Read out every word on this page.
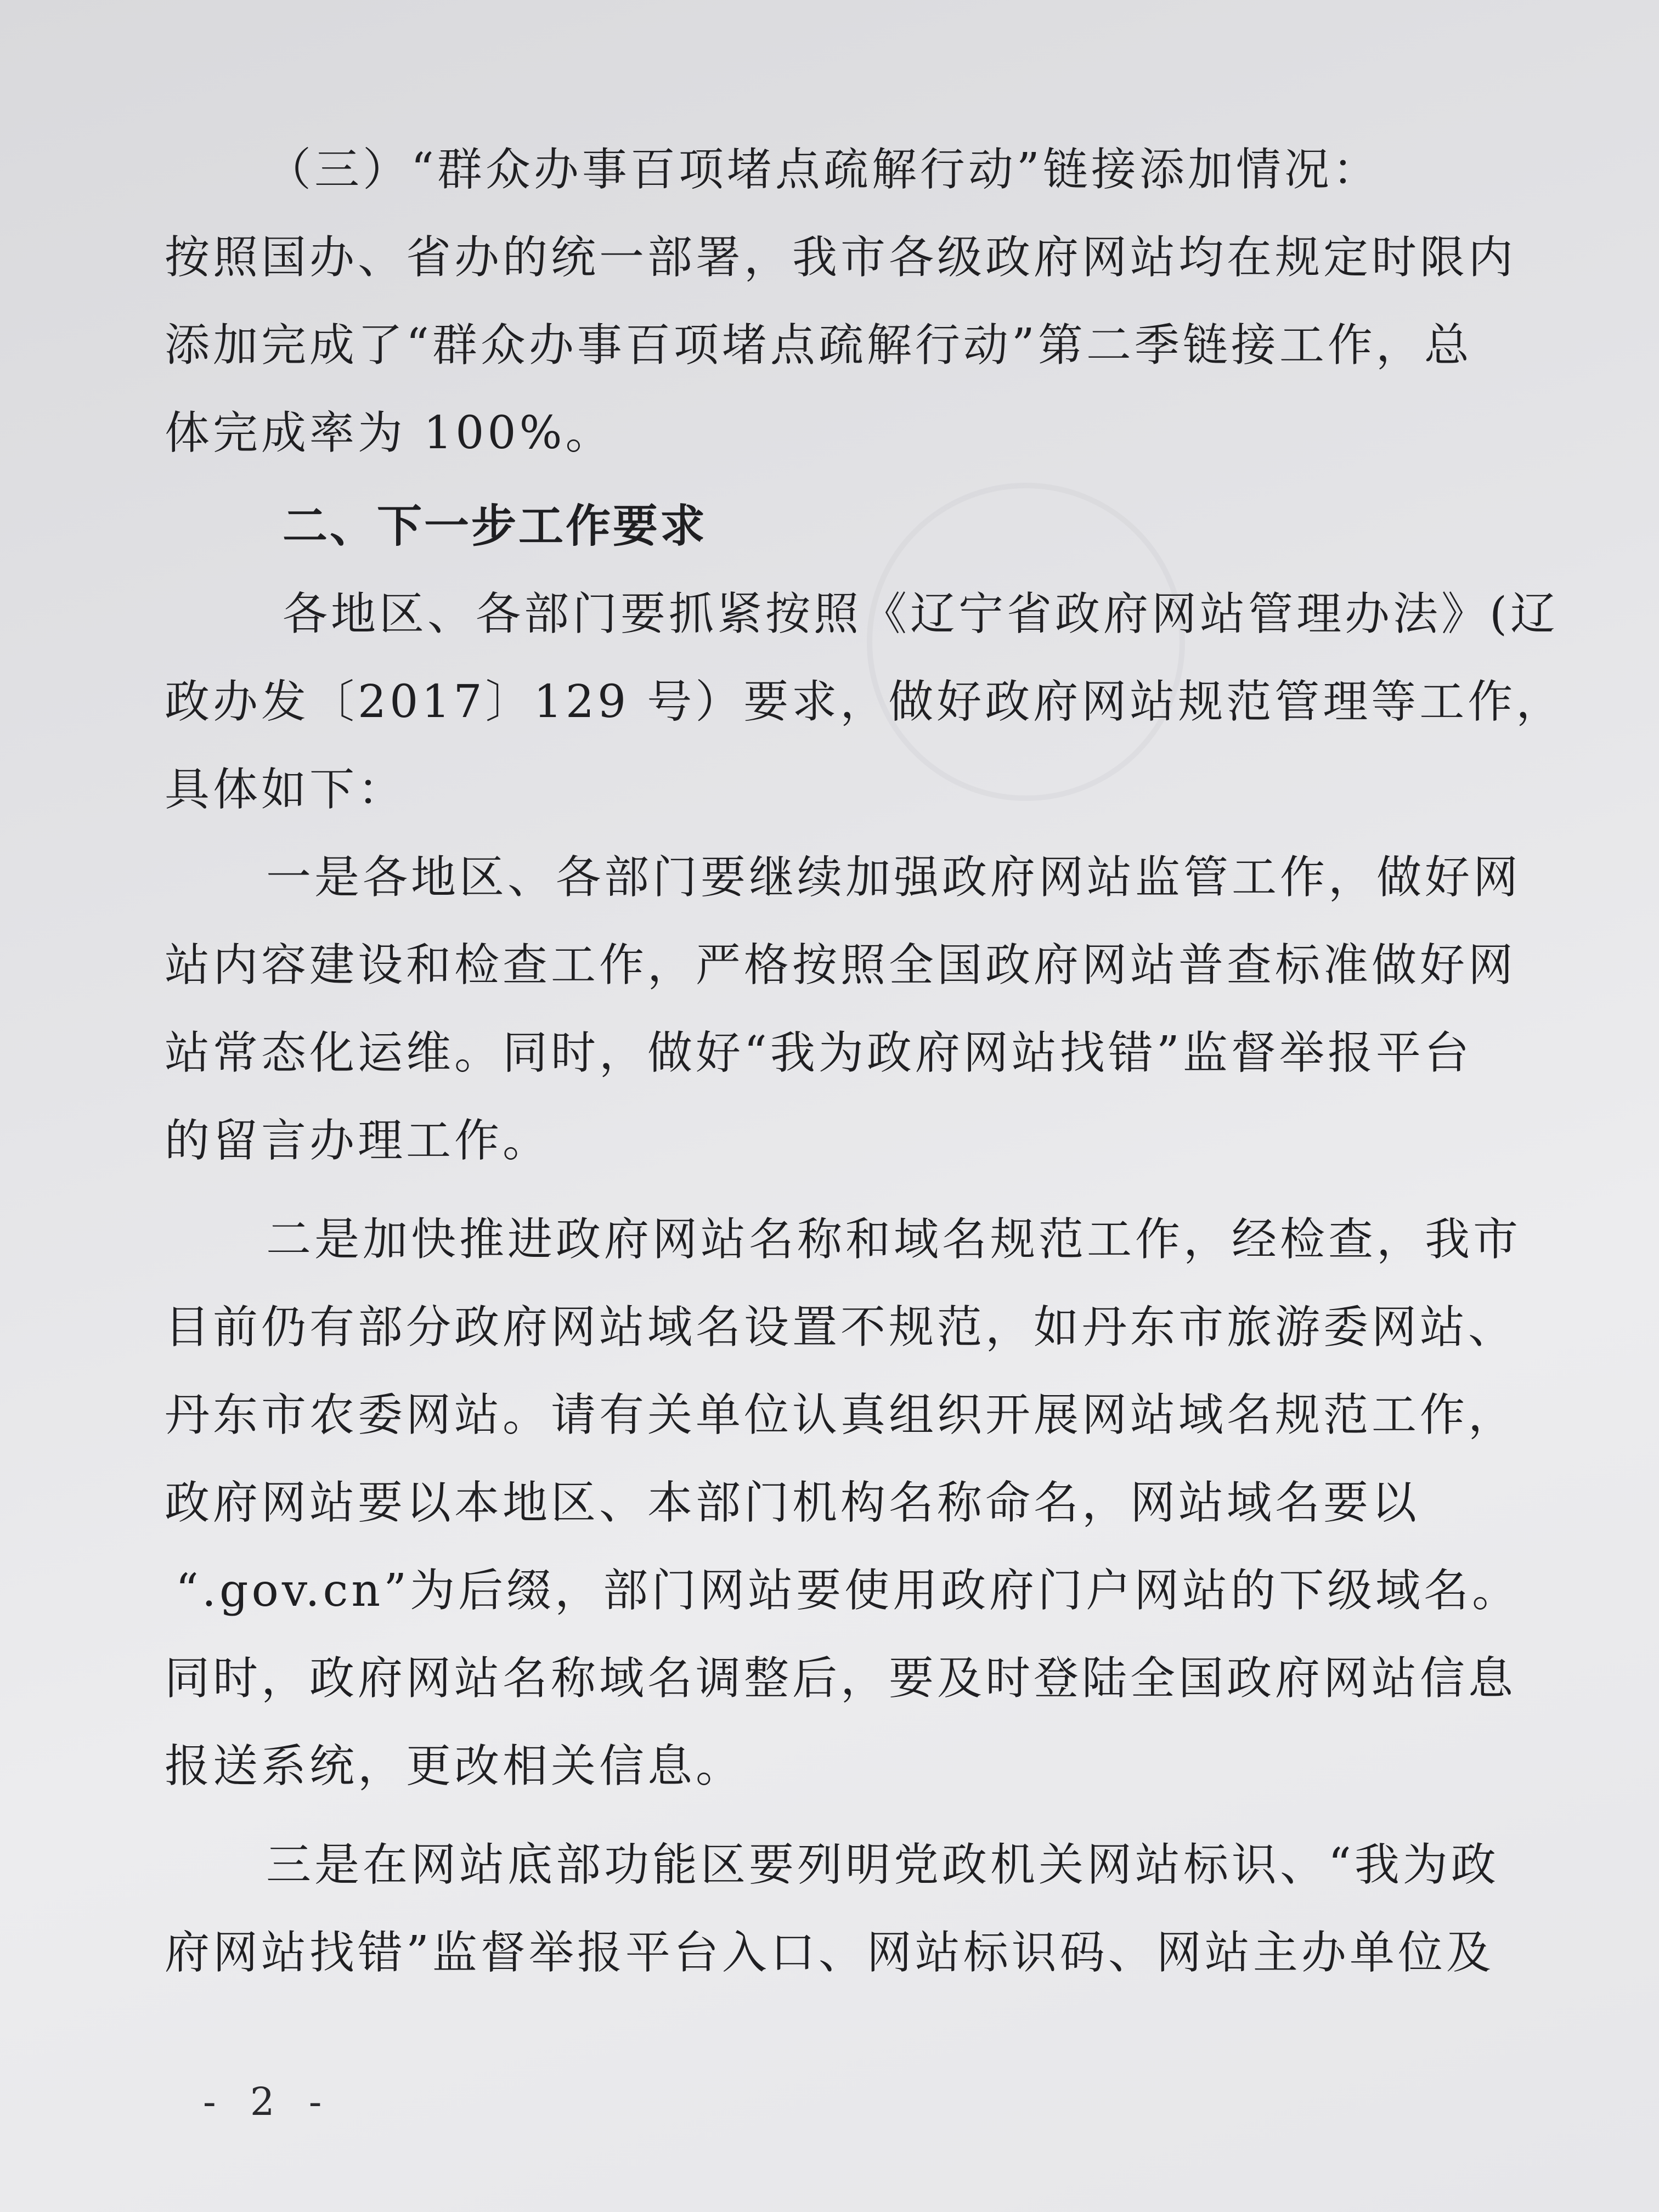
（三）“群众办事百项堵点疏解行动”链接添加情况：
按照国办、省办的统一部署，我市各级政府网站均在规定时限内
添加完成了“群众办事百项堵点疏解行动”第二季链接工作，总
体完成率为 100%。
二、下一步工作要求
各地区、各部门要抓紧按照《辽宁省政府网站管理办法》(辽
政办发〔2017〕129 号）要求，做好政府网站规范管理等工作，
具体如下：
一是各地区、各部门要继续加强政府网站监管工作，做好网
站内容建设和检查工作，严格按照全国政府网站普查标准做好网
站常态化运维。同时，做好“我为政府网站找错”监督举报平台
的留言办理工作。
二是加快推进政府网站名称和域名规范工作，经检查，我市
目前仍有部分政府网站域名设置不规范，如丹东市旅游委网站、
丹东市农委网站。请有关单位认真组织开展网站域名规范工作，
政府网站要以本地区、本部门机构名称命名，网站域名要以
“.gov.cn”为后缀，部门网站要使用政府门户网站的下级域名。
同时，政府网站名称域名调整后，要及时登陆全国政府网站信息
报送系统，更改相关信息。
三是在网站底部功能区要列明党政机关网站标识、“我为政
府网站找错”监督举报平台入口、网站标识码、网站主办单位及
- 2 -
